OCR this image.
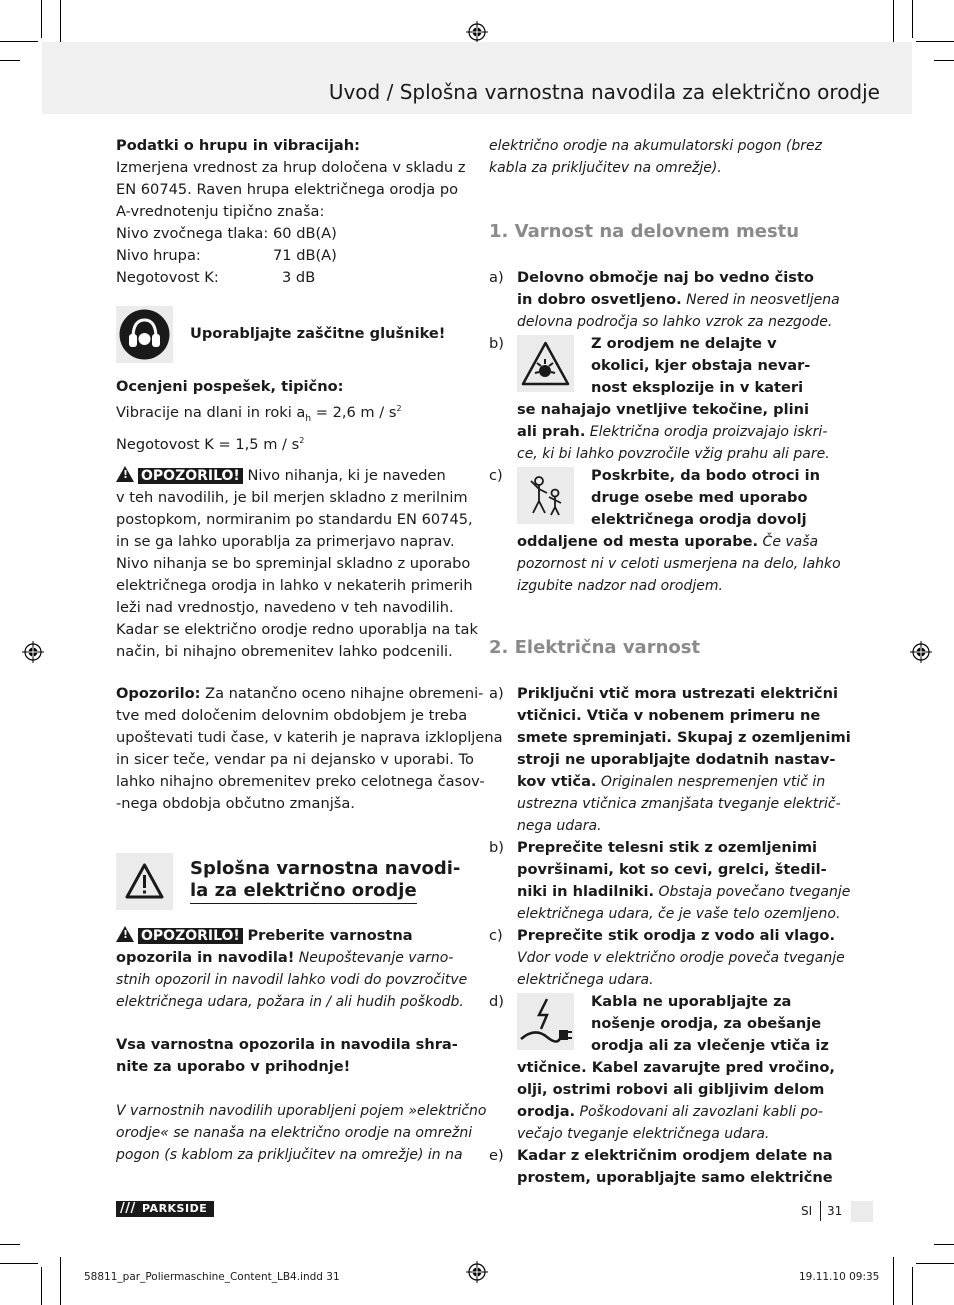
Uvod / Splošna varnostna navodila za električno orodje
Podatki o hrupu in vibracijah:
Izmerjena vrednost za hrup določena v skladu z
EN 60745. Raven hrupa električnega orodja po
A-vrednotenju tipično znaša:
Nivo zvočnega tlaka: 60 dB(A)
Nivo hrupa:	71 dB(A)
Negotovost K:	3 dB
Uporabljajte zaščitne glušnike!
Ocenjeni pospešek, tipično:
Vibracije na dlani in roki $a_h = 2,6$ m / $s^2$
Negotovost K = 1,5 m / $s^2$
!OPOZORILO! Nivo nihanja, ki je naveden
v teh navodilih, je bil merjen skladno z merilnim
postopkom, normiranim po standardu EN 60745,
in se ga lahko uporablja za primerjavo naprav.
Nivo nihanja se bo spreminjal skladno z uporabo
električnega orodja in lahko v nekaterih primerih
leži nad vrednostjo, navedeno v teh navodilih.
Kadar se električno orodje redno uporablja na tak
način, bi nihajno obremenitev lahko podcenili.
Opozorilo: Za natančno oceno nihajne obremeni-
tve med določenim delovnim obdobjem je treba
upoštevati tudi čase, v katerih je naprava izklopljena
in sicer teče, vendar pa ni dejansko v uporabi. To
lahko nihajno obremenitev preko celotnega časov-
-nega obdobja občutno zmanjša.
Splošna varnostna navodi-
la za električno orodje
!OPOZORILO! Preberite varnostna
opozorila in navodila! Neupoštevanje varno-
stnih opozoril in navodil lahko vodi do povzročitve
električnega udara, požara in / ali hudih poškodb.
Vsa varnostna opozorila in navodila shra-
nite za uporabo v prihodnje!
V varnostnih navodilih uporabljeni pojem »električno
orodje« se nanaša na električno orodje na omrežni
pogon (s kablom za priključitev na omrežje) in na
električno orodje na akumulatorski pogon (brez
kabla za priključitev na omrežje).
1. Varnost na delovnem mestu
a) Delovno območje naj bo vedno čisto
in dobro osvetljeno. Nered in neosvetljena
delovna področja so lahko vzrok za nezgode.
b)	Z orodjem ne delajte v
okolici, kjer obstaja nevar-
nost eksplozije in v kateri
se nahajajo vnetljive tekočine, plini
ali prah. Električna orodja proizvajajo iskri-
ce, ki bi lahko povzročile vžig prahu ali pare.
c)	Poskrbite, da bodo otroci in
druge osebe med uporabo
električnega orodja dovolj
oddaljene od mesta uporabe. Če vaša
pozornost ni v celoti usmerjena na delo, lahko
izgubite nadzor nad orodjem.
2. Električna varnost
a) Priključni vtič mora ustrezati električni
vtičnici. Vtiča v nobenem primeru ne
smete spreminjati. Skupaj z ozemljenimi
stroji ne uporabljajte dodatnih nastav-
kov vtiča. Originalen nespremenjen vtič in
ustrezna vtičnica zmanjšata tveganje električ-
nega udara.
b) Preprečite telesni stik z ozemljenimi
površinami, kot so cevi, grelci, štedil-
niki in hladilniki. Obstaja povečano tveganje
električnega udara, če je vaše telo ozemljeno.
c) Preprečite stik orodja z vodo ali vlago.
Vdor vode v električno orodje poveča tveganje
električnega udara.
d)	Kabla ne uporabljajte za
nošenje orodja, za obešanje
orodja ali za vlečenje vtiča iz
vtičnice. Kabel zavarujte pred vročino,
olji, ostrimi robovi ali gibljivim delom
orodja. Poškodovani ali zavozlani kabli po-
večajo tveganje električnega udara.
e) Kadar z električnim orodjem delate na
prostem, uporabljajte samo električne
/// PARKSIDE	SI 31
58811_par_Poliermaschine_Content_LB4.indd 31	19.11.10 09:35
